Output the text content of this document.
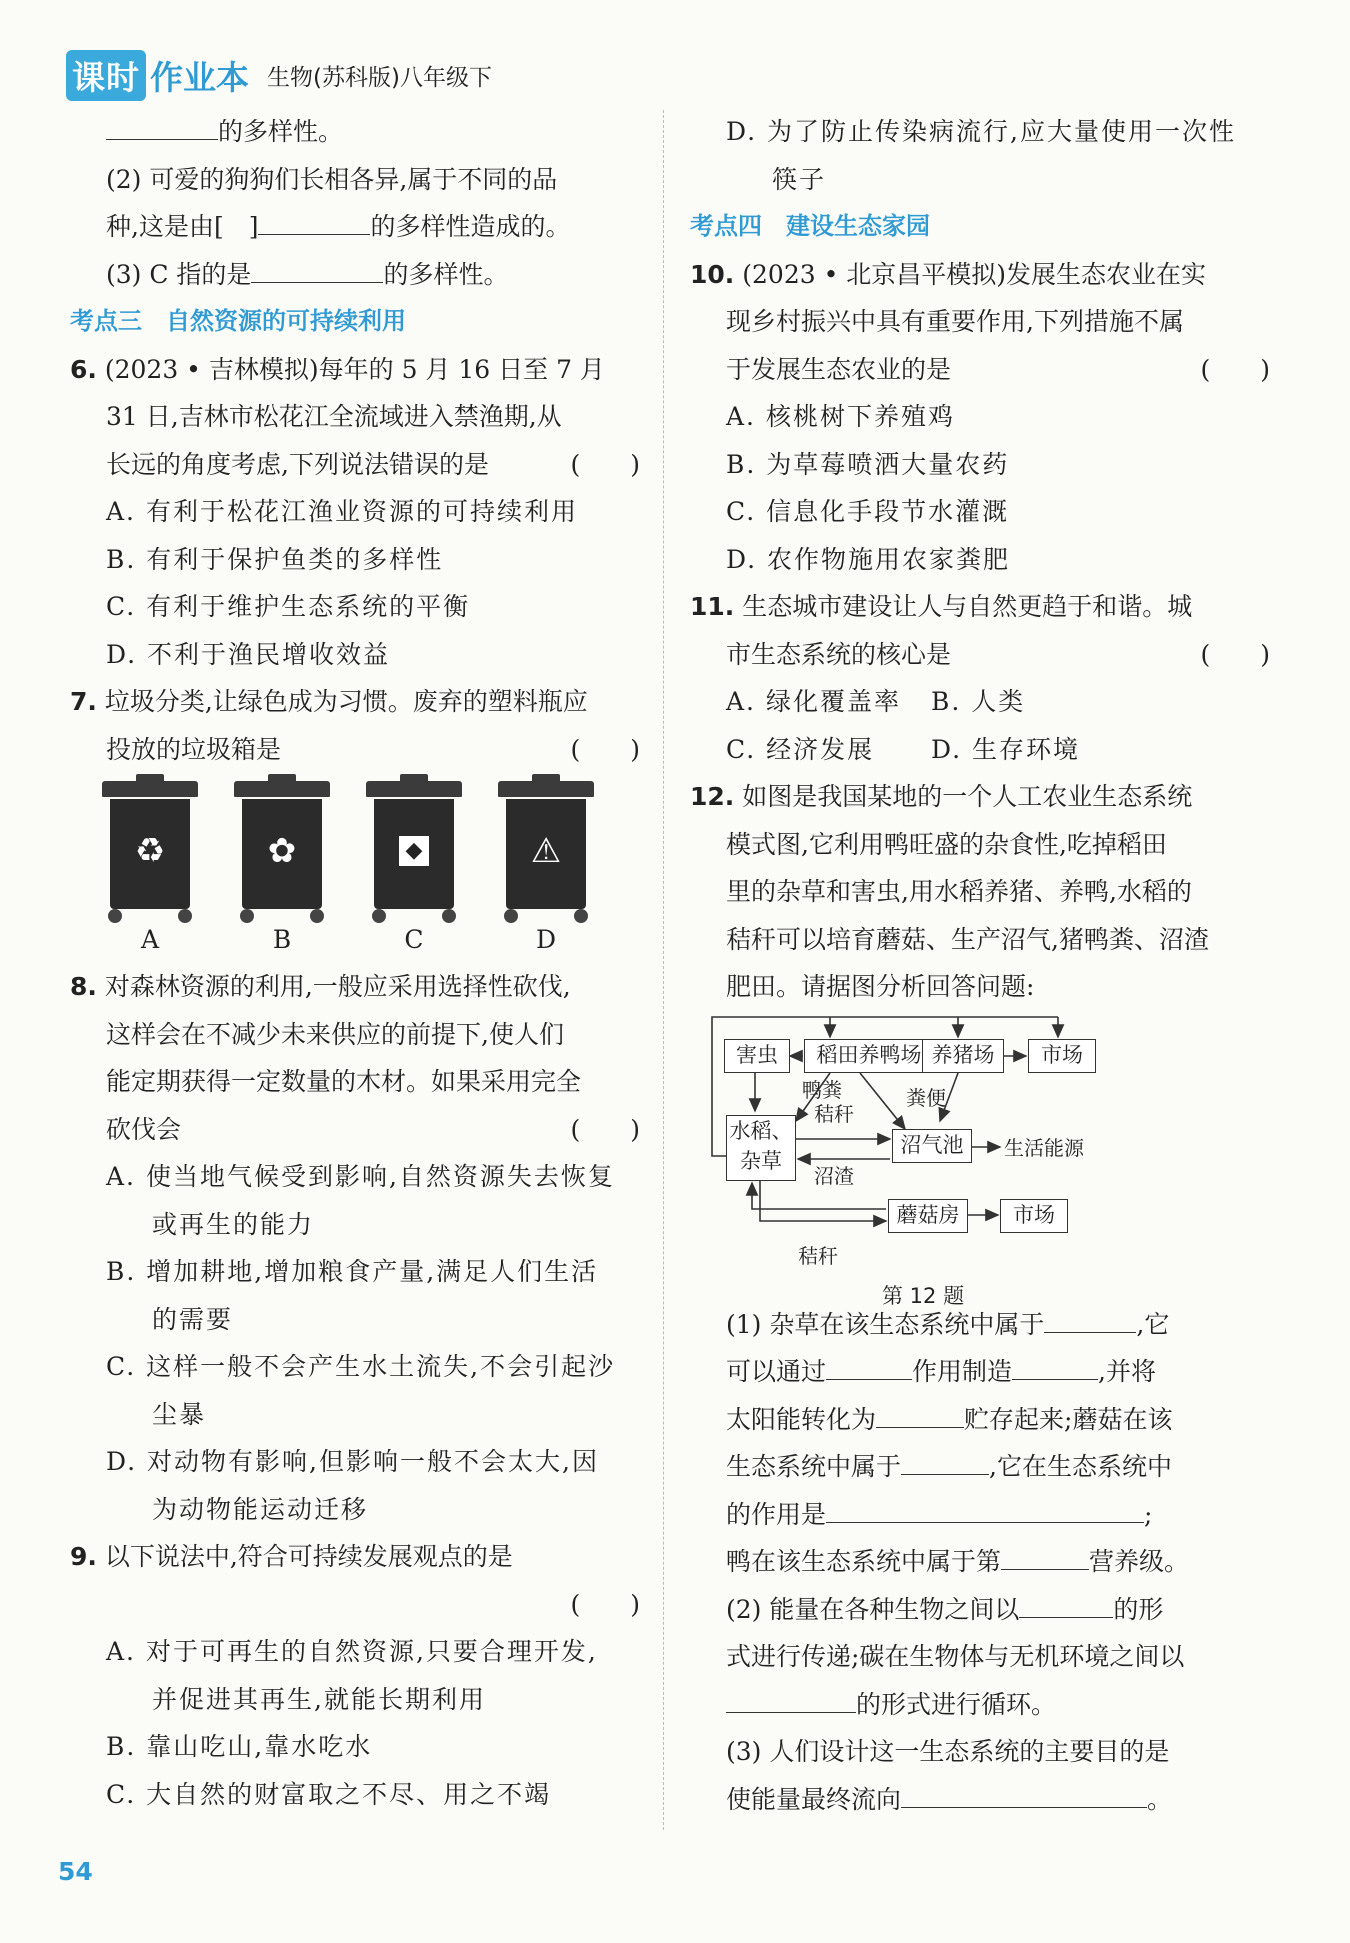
课时 作业本 生物(苏科版)八年级下
的多样性。
(2) 可爱的狗狗们长相各异,属于不同的品
种,这是由[  ]	的多样性造成的。
(3) C 指的是	的多样性。
考点三　自然资源的可持续利用
6. (2023 • 吉林模拟)每年的 5 月 16 日至 7 月
31 日,吉林市松花江全流域进入禁渔期,从
长远的角度考虑,下列说法错误的是	(　　)
A. 有利于松花江渔业资源的可持续利用
B. 有利于保护鱼类的多样性
C. 有利于维护生态系统的平衡
D. 不利于渔民增收效益
7. 垃圾分类,让绿色成为习惯。废弃的塑料瓶应
投放的垃圾箱是	(　　)
♻	✿	◆	⚠
A	B	C	D
8. 对森林资源的利用,一般应采用选择性砍伐,
这样会在不减少未来供应的前提下,使人们
能定期获得一定数量的木材。如果采用完全
砍伐会	(　　)
A. 使当地气候受到影响,自然资源失去恢复
或再生的能力
B. 增加耕地,增加粮食产量,满足人们生活
的需要
C. 这样一般不会产生水土流失,不会引起沙
尘暴
D. 对动物有影响,但影响一般不会太大,因
为动物能运动迁移
9. 以下说法中,符合可持续发展观点的是

(　　)
A. 对于可再生的自然资源,只要合理开发,
并促进其再生,就能长期利用
B. 靠山吃山,靠水吃水
C. 大自然的财富取之不尽、用之不竭
D. 为了防止传染病流行,应大量使用一次性
筷子
考点四　建设生态家园
10. (2023 • 北京昌平模拟)发展生态农业在实
现乡村振兴中具有重要作用,下列措施不属
于发展生态农业的是	(　　)
A. 核桃树下养殖鸡
B. 为草莓喷洒大量农药
C. 信息化手段节水灌溉
D. 农作物施用农家粪肥
11. 生态城市建设让人与自然更趋于和谐。城
市生态系统的核心是	(　　)
A. 绿化覆盖率 B. 人类
C. 经济发展 D. 生存环境
12. 如图是我国某地的一个人工农业生态系统
模式图,它利用鸭旺盛的杂食性,吃掉稻田
里的杂草和害虫,用水稻养猪、养鸭,水稻的
秸秆可以培育蘑菇、生产沼气,猪鸭粪、沼渣
肥田。请据图分析回答问题:
害虫	稻田养鸭场 养猪场	市场
水稻、
杂草
沼气池	生活能源
蘑菇房	市场
鸭粪
秸秆
粪便
沼渣
秸秆
第 12 题
(1) 杂草在该生态系统中属于	,它
可以通过	作用制造	,并将
太阳能转化为	贮存起来;蘑菇在该
生态系统中属于	,它在生态系统中
的作用是	;
鸭在该生态系统中属于第	营养级。
(2) 能量在各种生物之间以	的形
式进行传递;碳在生物体与无机环境之间以
的形式进行循环。
(3) 人们设计这一生态系统的主要目的是
使能量最终流向	。
54
